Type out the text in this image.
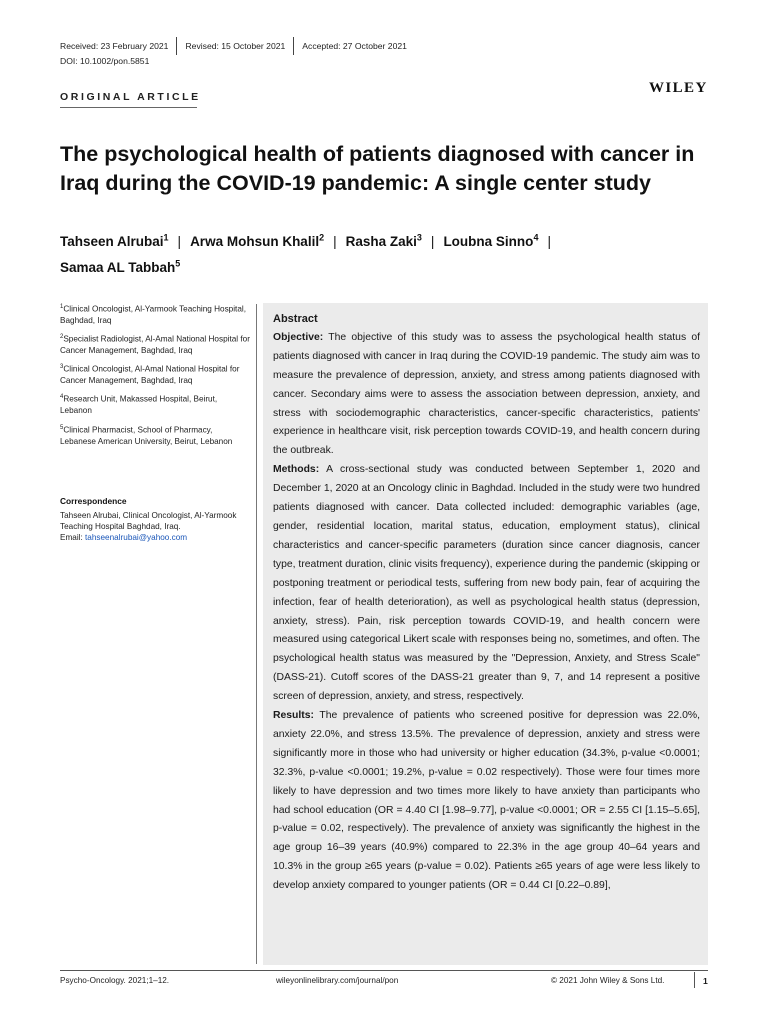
Received: 23 February 2021 Revised: 15 October 2021 Accepted: 27 October 2021
DOI: 10.1002/pon.5851
ORIGINAL ARTICLE
WILEY
The psychological health of patients diagnosed with cancer in Iraq during the COVID-19 pandemic: A single center study
Tahseen Alrubai$^1$ | Arwa Mohsun Khalil$^2$ | Rasha Zaki$^3$ | Loubna Sinno$^4$ |
Samaa AL Tabbah$^5$
$^1$Clinical Oncologist, Al-Yarmook Teaching Hospital, Baghdad, Iraq
$^2$Specialist Radiologist, Al-Amal National Hospital for Cancer Management, Baghdad, Iraq
$^3$Clinical Oncologist, Al-Amal National Hospital for Cancer Management, Baghdad, Iraq
$^4$Research Unit, Makassed Hospital, Beirut, Lebanon
$^5$Clinical Pharmacist, School of Pharmacy, Lebanese American University, Beirut, Lebanon
Correspondence
Tahseen Alrubai, Clinical Oncologist, Al-Yarmook Teaching Hospital Baghdad, Iraq.
Email: tahseenalrubai@yahoo.com

Abstract

Objective: The objective of this study was to assess the psychological health status of patients diagnosed with cancer in Iraq during the COVID-19 pandemic. The study aim was to measure the prevalence of depression, anxiety, and stress among patients diagnosed with cancer. Secondary aims were to assess the association between depression, anxiety, and stress with sociodemographic characteristics, cancer-specific characteristics, patients' experience in healthcare visit, risk perception towards COVID-19, and health concern during the outbreak.

Methods: A cross-sectional study was conducted between September 1, 2020 and December 1, 2020 at an Oncology clinic in Baghdad. Included in the study were two hundred patients diagnosed with cancer. Data collected included: demographic variables (age, gender, residential location, marital status, education, employment status), clinical characteristics and cancer-specific parameters (duration since cancer diagnosis, cancer type, treatment duration, clinic visits frequency), experience during the pandemic (skipping or postponing treatment or periodical tests, suffering from new body pain, fear of acquiring the infection, fear of health deterioration), as well as psychological health status (depression, anxiety, stress). Pain, risk perception towards COVID-19, and health concern were measured using categorical Likert scale with responses being no, sometimes, and often. The psychological health status was measured by the "Depression, Anxiety, and Stress Scale" (DASS-21). Cutoff scores of the DASS-21 greater than 9, 7, and 14 represent a positive screen of depression, anxiety, and stress, respectively.

Results: The prevalence of patients who screened positive for depression was 22.0%, anxiety 22.0%, and stress 13.5%. The prevalence of depression, anxiety and stress were significantly more in those who had university or higher education (34.3%, p-value <0.0001; 32.3%, p-value <0.0001; 19.2%, p-value = 0.02 respectively). Those were four times more likely to have depression and two times more likely to have anxiety than participants who had school education (OR = 4.40 CI [1.98–9.77], p-value <0.0001; OR = 2.55 CI [1.15–5.65], p-value = 0.02, respectively). The prevalence of anxiety was significantly the highest in the age group 16–39 years (40.9%) compared to 22.3% in the age group 40–64 years and 10.3% in the group ≥65 years (p-value = 0.02). Patients ≥65 years of age were less likely to develop anxiety compared to younger patients (OR = 0.44 CI [0.22–0.89],

Psycho-Oncology. 2021;1–12.	wileyonlinelibrary.com/journal/pon	© 2021 John Wiley & Sons Ltd.	1
